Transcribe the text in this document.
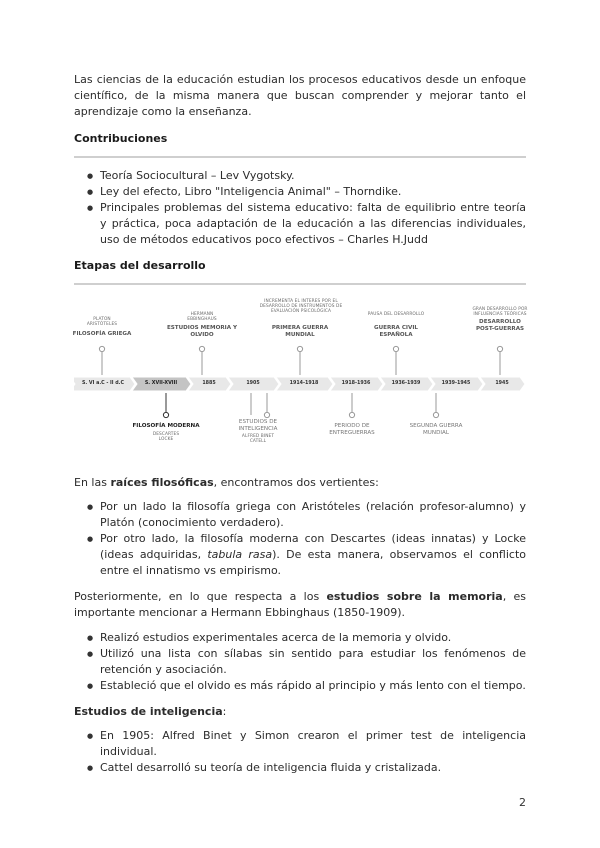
Las ciencias de la educación estudian los procesos educativos desde un enfoque científico, de la misma manera que buscan comprender y mejorar tanto el aprendizaje como la enseñanza.

Contribuciones

● Teoría Sociocultural – Lev Vygotsky.
● Ley del efecto, Libro "Inteligencia Animal" – Thorndike.
● Principales problemas del sistema educativo: falta de equilibrio entre teoría y práctica, poca adaptación de la educación a las diferencias individuales, uso de métodos educativos poco efectivos – Charles H.Judd

Etapas del desarrollo

S. VI a.C - II d.C	S. XVII-XVIII	1885	1905	1914-1918	1918-1936	1936-1939	1939-1945	1945
PLATON
ARISTÓTELES
FILOSOFÍA GRIEGA
HERMANN
EBBINGHAUS
ESTUDIOS MEMORIA Y
OLVIDO
INCREMENTA EL INTERES POR EL
DESARROLLO DE INSTRUMENTOS DE
EVALUACIÓN PSICOLÓGICA
PRIMERA GUERRA
MUNDIAL
PAUSA DEL DESARROLLO
GUERRA CIVIL
ESPAÑOLA
GRAN DESARROLLO POR
INFLUENCIAS TEÓRICAS
DESARROLLO
POST-GUERRAS
FILOSOFÍA MODERNA
DESCARTES
LOCKE
ESTUDIOS DE
INTELIGENCIA
ALFRED BINET
CATELL
PERIODO DE
ENTREGUERRAS
SEGUNDA GUERRA
MUNDIAL

En las raíces filosóficas, encontramos dos vertientes:

● Por un lado la filosofía griega con Aristóteles (relación profesor-alumno) y Platón (conocimiento verdadero).
● Por otro lado, la filosofía moderna con Descartes (ideas innatas) y Locke (ideas adquiridas, tabula rasa). De esta manera, observamos el conflicto entre el innatismo vs empirismo.

Posteriormente, en lo que respecta a los estudios sobre la memoria, es importante mencionar a Hermann Ebbinghaus (1850-1909).

● Realizó estudios experimentales acerca de la memoria y olvido.
● Utilizó una lista con sílabas sin sentido para estudiar los fenómenos de retención y asociación.
● Estableció que el olvido es más rápido al principio y más lento con el tiempo.

Estudios de inteligencia:

● En 1905: Alfred Binet y Simon crearon el primer test de inteligencia individual.
● Cattel desarrolló su teoría de inteligencia fluida y cristalizada.
2
